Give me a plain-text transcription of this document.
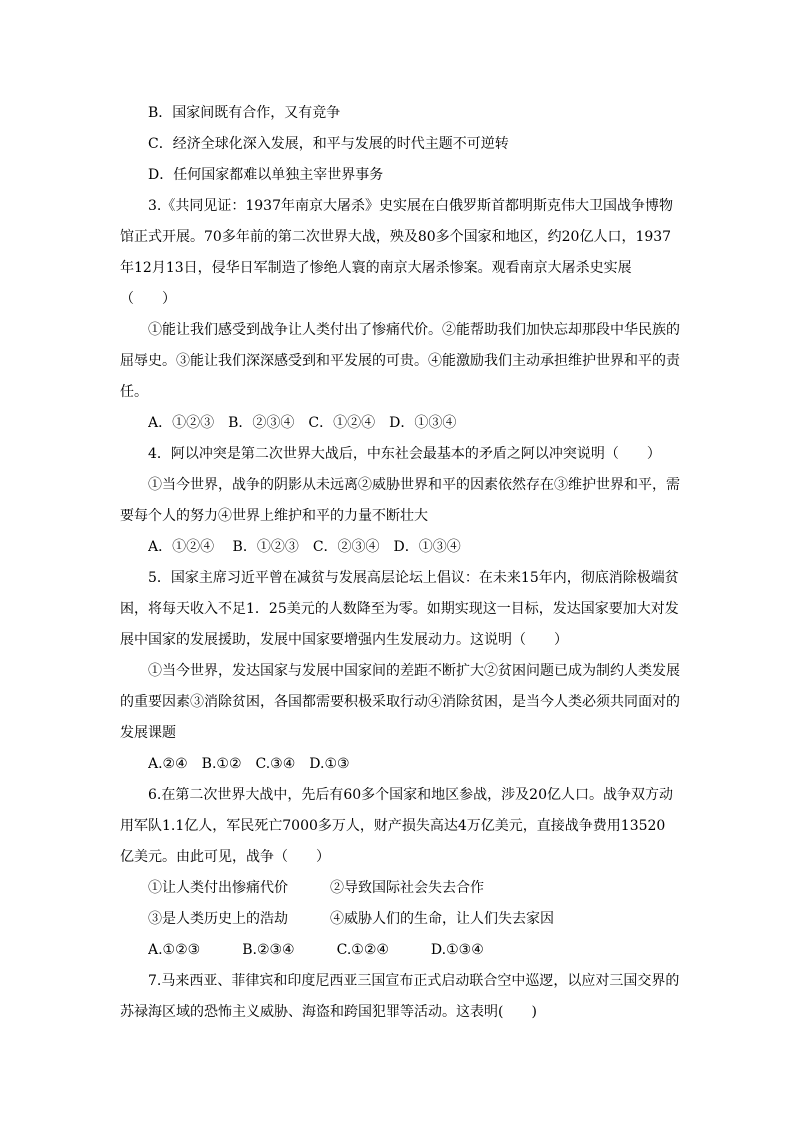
B．国家间既有合作，又有竞争
C．经济全球化深入发展，和平与发展的时代主题不可逆转
D．任何国家都难以单独主宰世界事务
3.《共同见证：1937年南京大屠杀》史实展在白俄罗斯首都明斯克伟大卫国战争博物
馆正式开展。70多年前的第二次世界大战，殃及80多个国家和地区，约20亿人口，1937
年12月13日，侵华日军制造了惨绝人寰的南京大屠杀惨案。观看南京大屠杀史实展
（　　）
①能让我们感受到战争让人类付出了惨痛代价。②能帮助我们加快忘却那段中华民族的
屈辱史。③能让我们深深感受到和平发展的可贵。④能激励我们主动承担维护世界和平的责
任。
A．①②③　B．②③④　C．①②④　D．①③④
4．阿以冲突是第二次世界大战后，中东社会最基本的矛盾之阿以冲突说明（　　）
①当今世界，战争的阴影从未远离②威胁世界和平的因素依然存在③维护世界和平，需
要每个人的努力④世界上维护和平的力量不断壮大
A．①②④　 B．①②③　C．②③④　D．①③④
5．国家主席习近平曾在减贫与发展高层论坛上倡议：在未来15年内，彻底消除极端贫
困，将每天收入不足1．25美元的人数降至为零。如期实现这一目标，发达国家要加大对发
展中国家的发展援助，发展中国家要增强内生发展动力。这说明（　　）
①当今世界，发达国家与发展中国家间的差距不断扩大②贫困问题已成为制约人类发展
的重要因素③消除贫困，各国都需要积极采取行动④消除贫困，是当今人类必须共同面对的
发展课题
A.②④　B.①②　C.③④　D.①③
6.在第二次世界大战中，先后有60多个国家和地区参战，涉及20亿人口。战争双方动
用军队1.1亿人，军民死亡7000多万人，财产损失高达4万亿美元，直接战争费用13520
亿美元。由此可见，战争（　　）
①让人类付出惨痛代价　　　②导致国际社会失去合作
③是人类历史上的浩劫　　　④威胁人们的生命，让人们失去家因
A.①②③　　　B.②③④　　　C.①②④　　　D.①③④
7.马来西亚、菲律宾和印度尼西亚三国宣布正式启动联合空中巡逻，以应对三国交界的
苏禄海区域的恐怖主义威胁、海盗和跨国犯罪等活动。这表明(　　)
